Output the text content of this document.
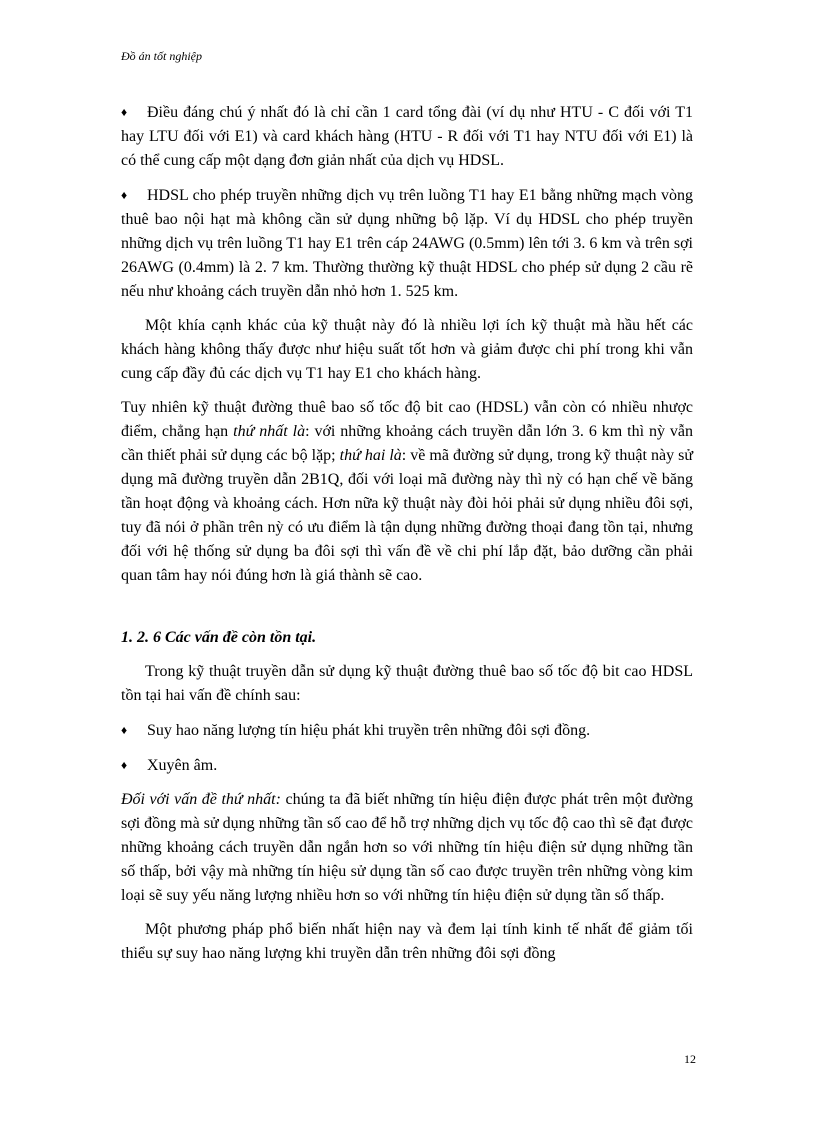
Đồ án tốt nghiệp

♦ Điều đáng chú ý nhất đó là chỉ cần 1 card tổng đài (ví dụ như HTU - C đối với T1 hay LTU đối với E1) và card khách hàng (HTU - R đối với T1 hay NTU đối với E1) là có thể cung cấp một dạng đơn giản nhất của dịch vụ HDSL.

♦ HDSL cho phép truyền những dịch vụ trên luồng T1 hay E1 bằng những mạch vòng thuê bao nội hạt mà không cần sử dụng những bộ lặp. Ví dụ HDSL cho phép truyền những dịch vụ trên luồng T1 hay E1 trên cáp 24AWG (0.5mm) lên tới 3. 6 km và trên sợi 26AWG (0.4mm) là 2. 7 km. Thường thường kỹ thuật HDSL cho phép sử dụng 2 cầu rẽ nếu như khoảng cách truyền dẫn nhỏ hơn 1. 525 km.

Một khía cạnh khác của kỹ thuật này đó là nhiều lợi ích kỹ thuật mà hầu hết các khách hàng không thấy được như hiệu suất tốt hơn và giảm được chi phí trong khi vẫn cung cấp đầy đủ các dịch vụ T1 hay E1 cho khách hàng.

Tuy nhiên kỹ thuật đường thuê bao số tốc độ bit cao (HDSL) vẫn còn có nhiều nhược điểm, chẳng hạn thứ nhất là: với những khoảng cách truyền dẫn lớn 3. 6 km thì nỳ vẫn cần thiết phải sử dụng các bộ lặp; thứ hai là: về mã đường sử dụng, trong kỹ thuật này sử dụng mã đường truyền dẫn 2B1Q, đối với loại mã đường này thì nỳ có hạn chế về băng tần hoạt động và khoảng cách. Hơn nữa kỹ thuật này đòi hỏi phải sử dụng nhiều đôi sợi, tuy đã nói ở phần trên nỳ có ưu điểm là tận dụng những đường thoại đang tồn tại, nhưng đối với hệ thống sử dụng ba đôi sợi thì vấn đề về chi phí lắp đặt, bảo dưỡng cần phải quan tâm hay nói đúng hơn là giá thành sẽ cao.

1. 2. 6 Các vấn đề còn tồn tại.

Trong kỹ thuật truyền dẫn sử dụng kỹ thuật đường thuê bao số tốc độ bit cao HDSL tồn tại hai vấn đề chính sau:

♦ Suy hao năng lượng tín hiệu phát khi truyền trên những đôi sợi đồng.

♦ Xuyên âm.

Đối với vấn đề thứ nhất: chúng ta đã biết những tín hiệu điện được phát trên một đường sợi đồng mà sử dụng những tần số cao để hỗ trợ những dịch vụ tốc độ cao thì sẽ đạt được những khoảng cách truyền dẫn ngắn hơn so với những tín hiệu điện sử dụng những tần số thấp, bởi vậy mà những tín hiệu sử dụng tần số cao được truyền trên những vòng kim loại sẽ suy yếu năng lượng nhiều hơn so với những tín hiệu điện sử dụng tần số thấp.

Một phương pháp phổ biến nhất hiện nay và đem lại tính kinh tế nhất để giảm tối thiểu sự suy hao năng lượng khi truyền dẫn trên những đôi sợi đồng

12
